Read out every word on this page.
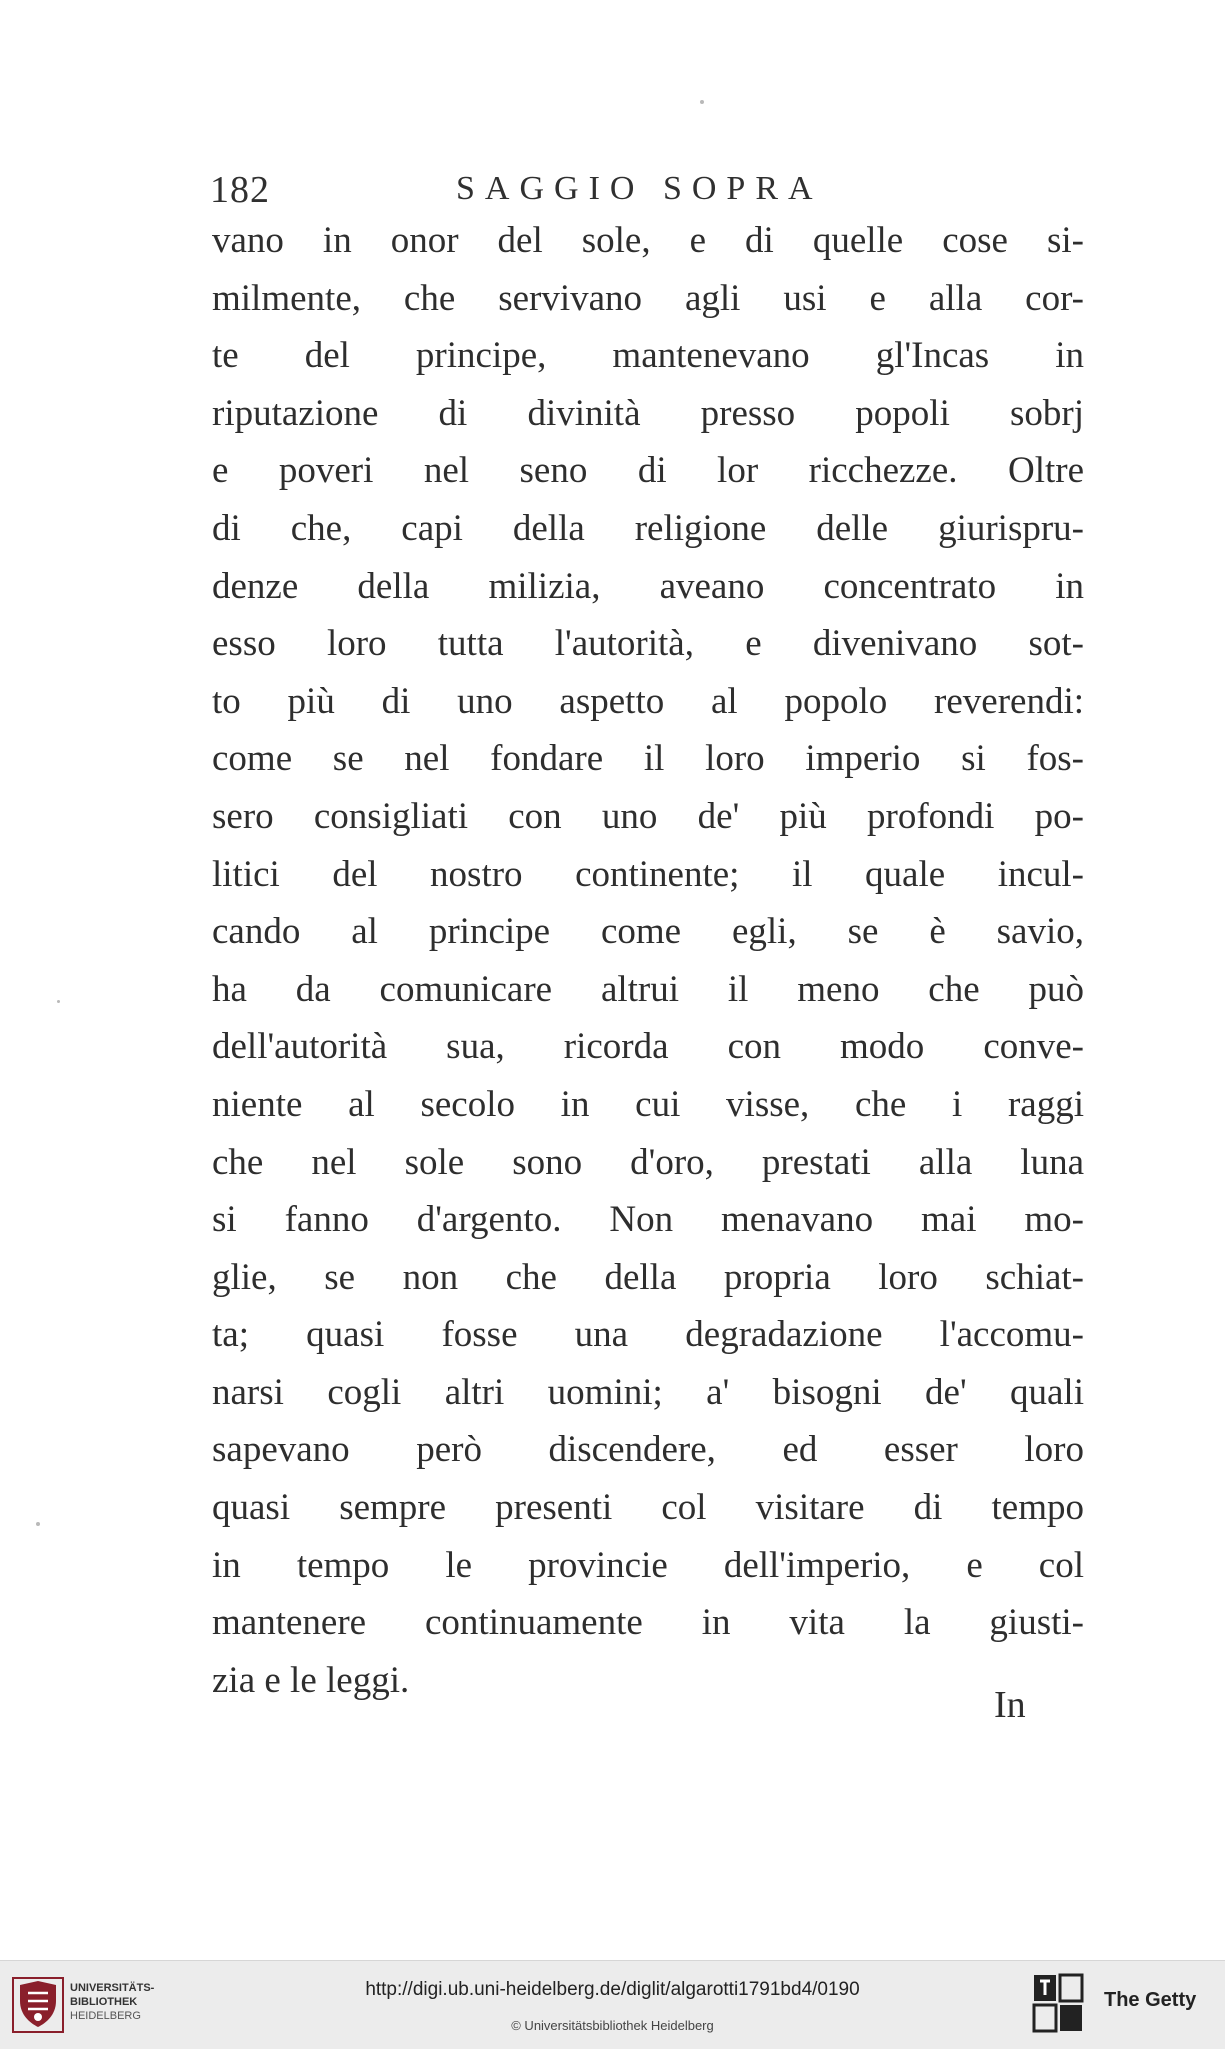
182	SAGGIO SOPRA
vano in onor del sole, e di quelle cose si-
milmente, che servivano agli usi e alla cor-
te del principe, mantenevano gl'Incas in
riputazione di divinità presso popoli sobrj
e poveri nel seno di lor ricchezze. Oltre
di che, capi della religione delle giurispru-
denze della milizia, aveano concentrato in
esso loro tutta l'autorità, e divenivano sot-
to più di uno aspetto al popolo reverendi:
come se nel fondare il loro imperio si fos-
sero consigliati con uno de' più profondi po-
litici del nostro continente; il quale incul-
cando al principe come egli, se è savio,
ha da comunicare altrui il meno che può
dell'autorità sua, ricorda con modo conve-
niente al secolo in cui visse, che i raggi
che nel sole sono d'oro, prestati alla luna
si fanno d'argento. Non menavano mai mo-
glie, se non che della propria loro schiat-
ta; quasi fosse una degradazione l'accomu-
narsi cogli altri uomini; a' bisogni de' quali
sapevano però discendere, ed esser loro
quasi sempre presenti col visitare di tempo
in tempo le provincie dell'imperio, e col
mantenere continuamente in vita la giusti-
zia e le leggi.
In
UNIVERSITÄTS-
BIBLIOTHEK
HEIDELBERG
http://digi.ub.uni-heidelberg.de/diglit/algarotti1791bd4/0190
© Universitätsbibliothek Heidelberg
The Getty
